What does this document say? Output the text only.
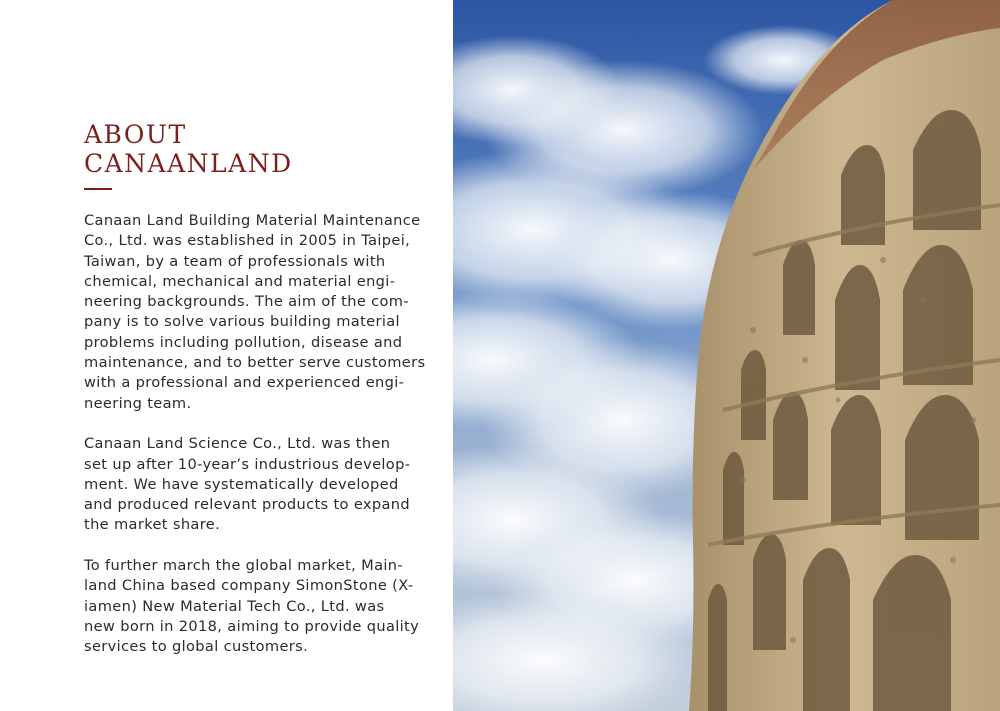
ABOUT
CANAANLAND

Canaan Land Building Material Maintenance
Co., Ltd. was established in 2005 in Taipei,
Taiwan, by a team of professionals with
chemical, mechanical and material engi-
neering backgrounds. The aim of the com-
pany is to solve various building material
problems including pollution, disease and
maintenance, and to better serve customers
with a professional and experienced engi-
neering team.

Canaan Land Science Co., Ltd. was then
set up after 10-year’s industrious develop-
ment. We have systematically developed
and produced relevant products to expand
the market share.

To further march the global market, Main-
land China based company SimonStone (X-
iamen) New Material Tech Co., Ltd. was
new born in 2018, aiming to provide quality
services to global customers.
